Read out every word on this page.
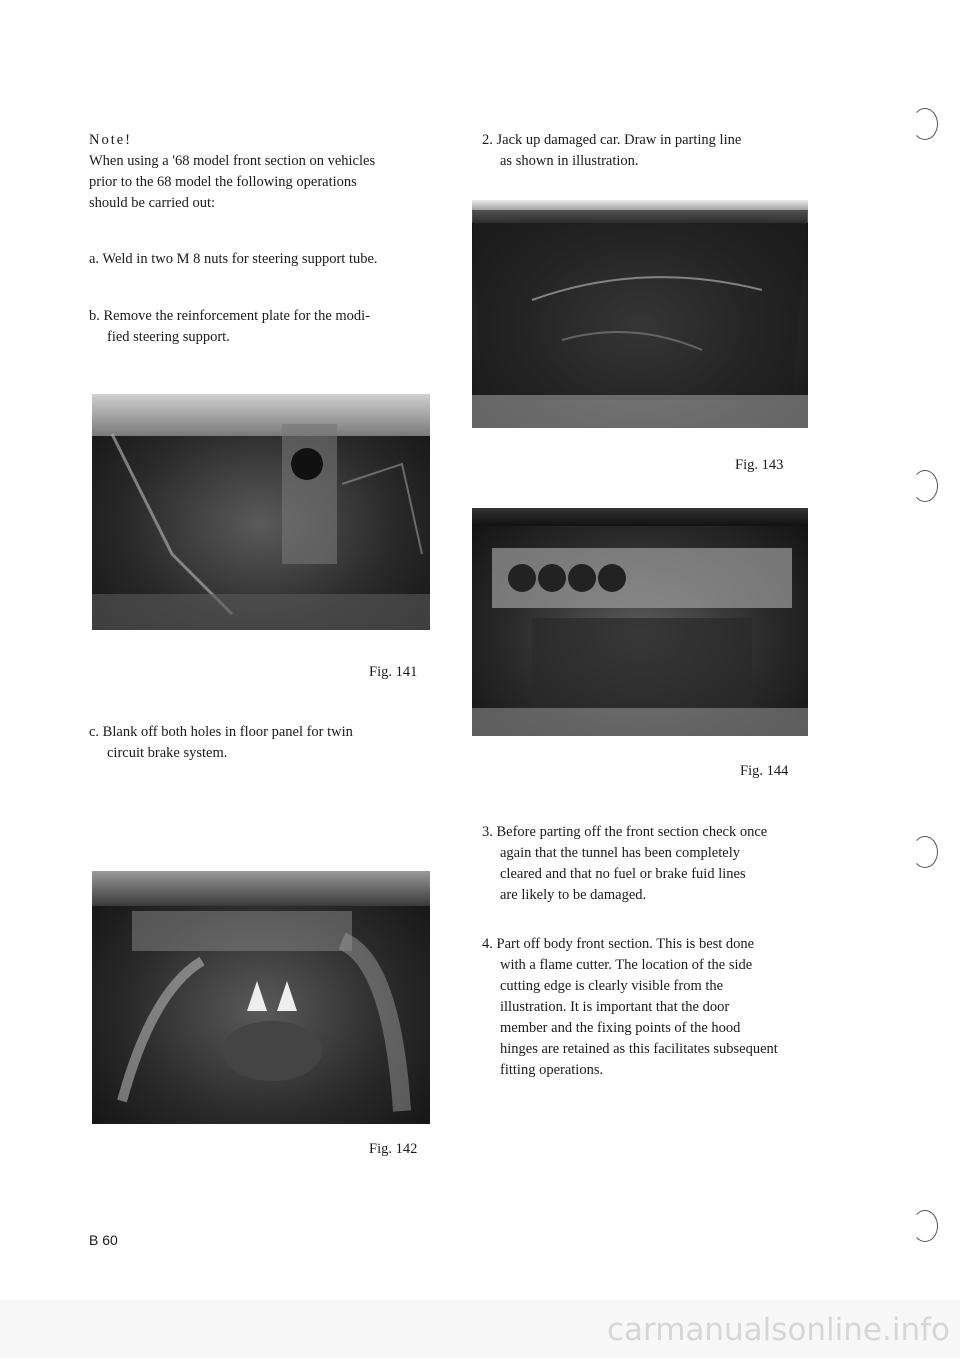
Note!

When using a '68 model front section on vehicles

prior to the 68 model the following operations

should be carried out:

a. Weld in two M 8 nuts for steering support tube.

b. Remove the reinforcement plate for the modi-

fied steering support.

Fig. 141

c. Blank off both holes in floor panel for twin

circuit brake system.

Fig. 142

2. Jack up damaged car. Draw in parting line

as shown in illustration.

Fig. 143
Fig. 144

3. Before parting off the front section check once

again that the tunnel has been completely

cleared and that no fuel or brake fuid lines

are likely to be damaged.

4. Part off body front section. This is best done

with a flame cutter. The location of the side

cutting edge is clearly visible from the

illustration. It is important that the door

member and the fixing points of the hood

hinges are retained as this facilitates subsequent

fitting operations.

B 60
carmanualsonline.info
